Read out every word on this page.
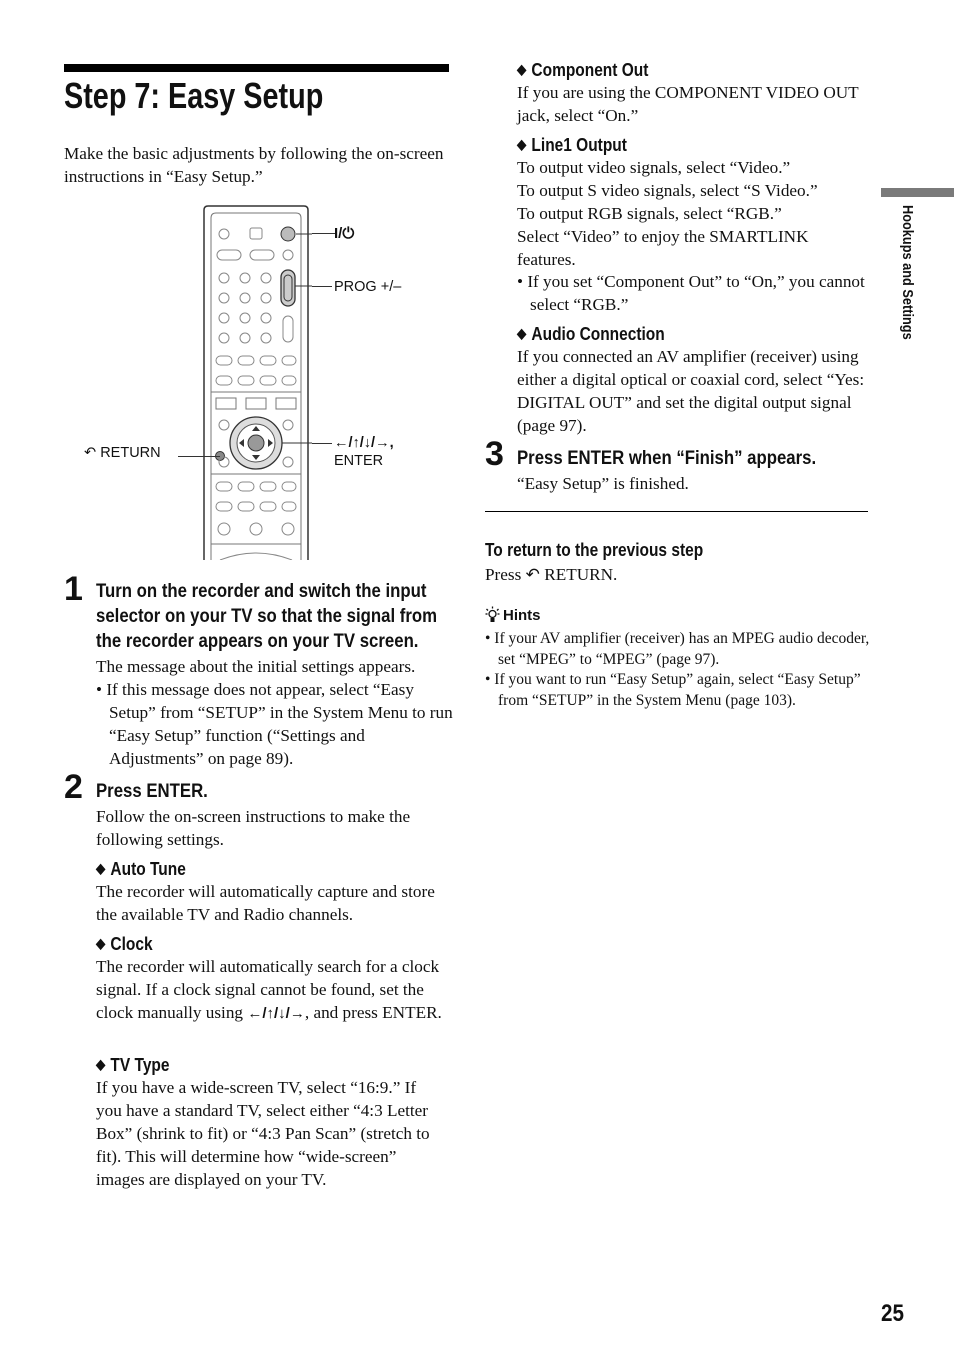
Step 7: Easy Setup
Make the basic adjustments by following the on-screen instructions in “Easy Setup.”
I/⏻
PROG +/–
←/↑/↓/→,
ENTER
↶ RETURN
1 Turn on the recorder and switch the input
selector on your TV so that the signal from
the recorder appears on your TV screen.
The message about the initial settings appears.
• If this message does not appear, select “Easy Setup” from “SETUP” in the System Menu to run “Easy Setup” function (“Settings and Adjustments” on page 89).
2 Press ENTER.
Follow the on-screen instructions to make the following settings.
◆ Auto Tune
The recorder will automatically capture and store the available TV and Radio channels.
◆ Clock
The recorder will automatically search for a clock signal. If a clock signal cannot be found, set the clock manually using ←/↑/↓/→, and press ENTER.
◆ TV Type
If you have a wide-screen TV, select “16:9.” If you have a standard TV, select either “4:3 Letter Box” (shrink to fit) or “4:3 Pan Scan” (stretch to fit). This will determine how “wide-screen” images are displayed on your TV.
◆ Component Out
If you are using the COMPONENT VIDEO OUT jack, select “On.”
◆ Line1 Output
To output video signals, select “Video.”
To output S video signals, select “S Video.”
To output RGB signals, select “RGB.”
Select “Video” to enjoy the SMARTLINK features.
• If you set “Component Out” to “On,” you cannot select “RGB.”
◆ Audio Connection
If you connected an AV amplifier (receiver) using either a digital optical or coaxial cord, select “Yes: DIGITAL OUT” and set the digital output signal (page 97).
3 Press ENTER when “Finish” appears.
“Easy Setup” is finished.
To return to the previous step
Press ↶ RETURN.
Hints
• If your AV amplifier (receiver) has an MPEG audio decoder, set “MPEG” to “MPEG” (page 97).
• If you want to run “Easy Setup” again, select “Easy Setup” from “SETUP” in the System Menu (page 103).
Hookups and Settings
25
